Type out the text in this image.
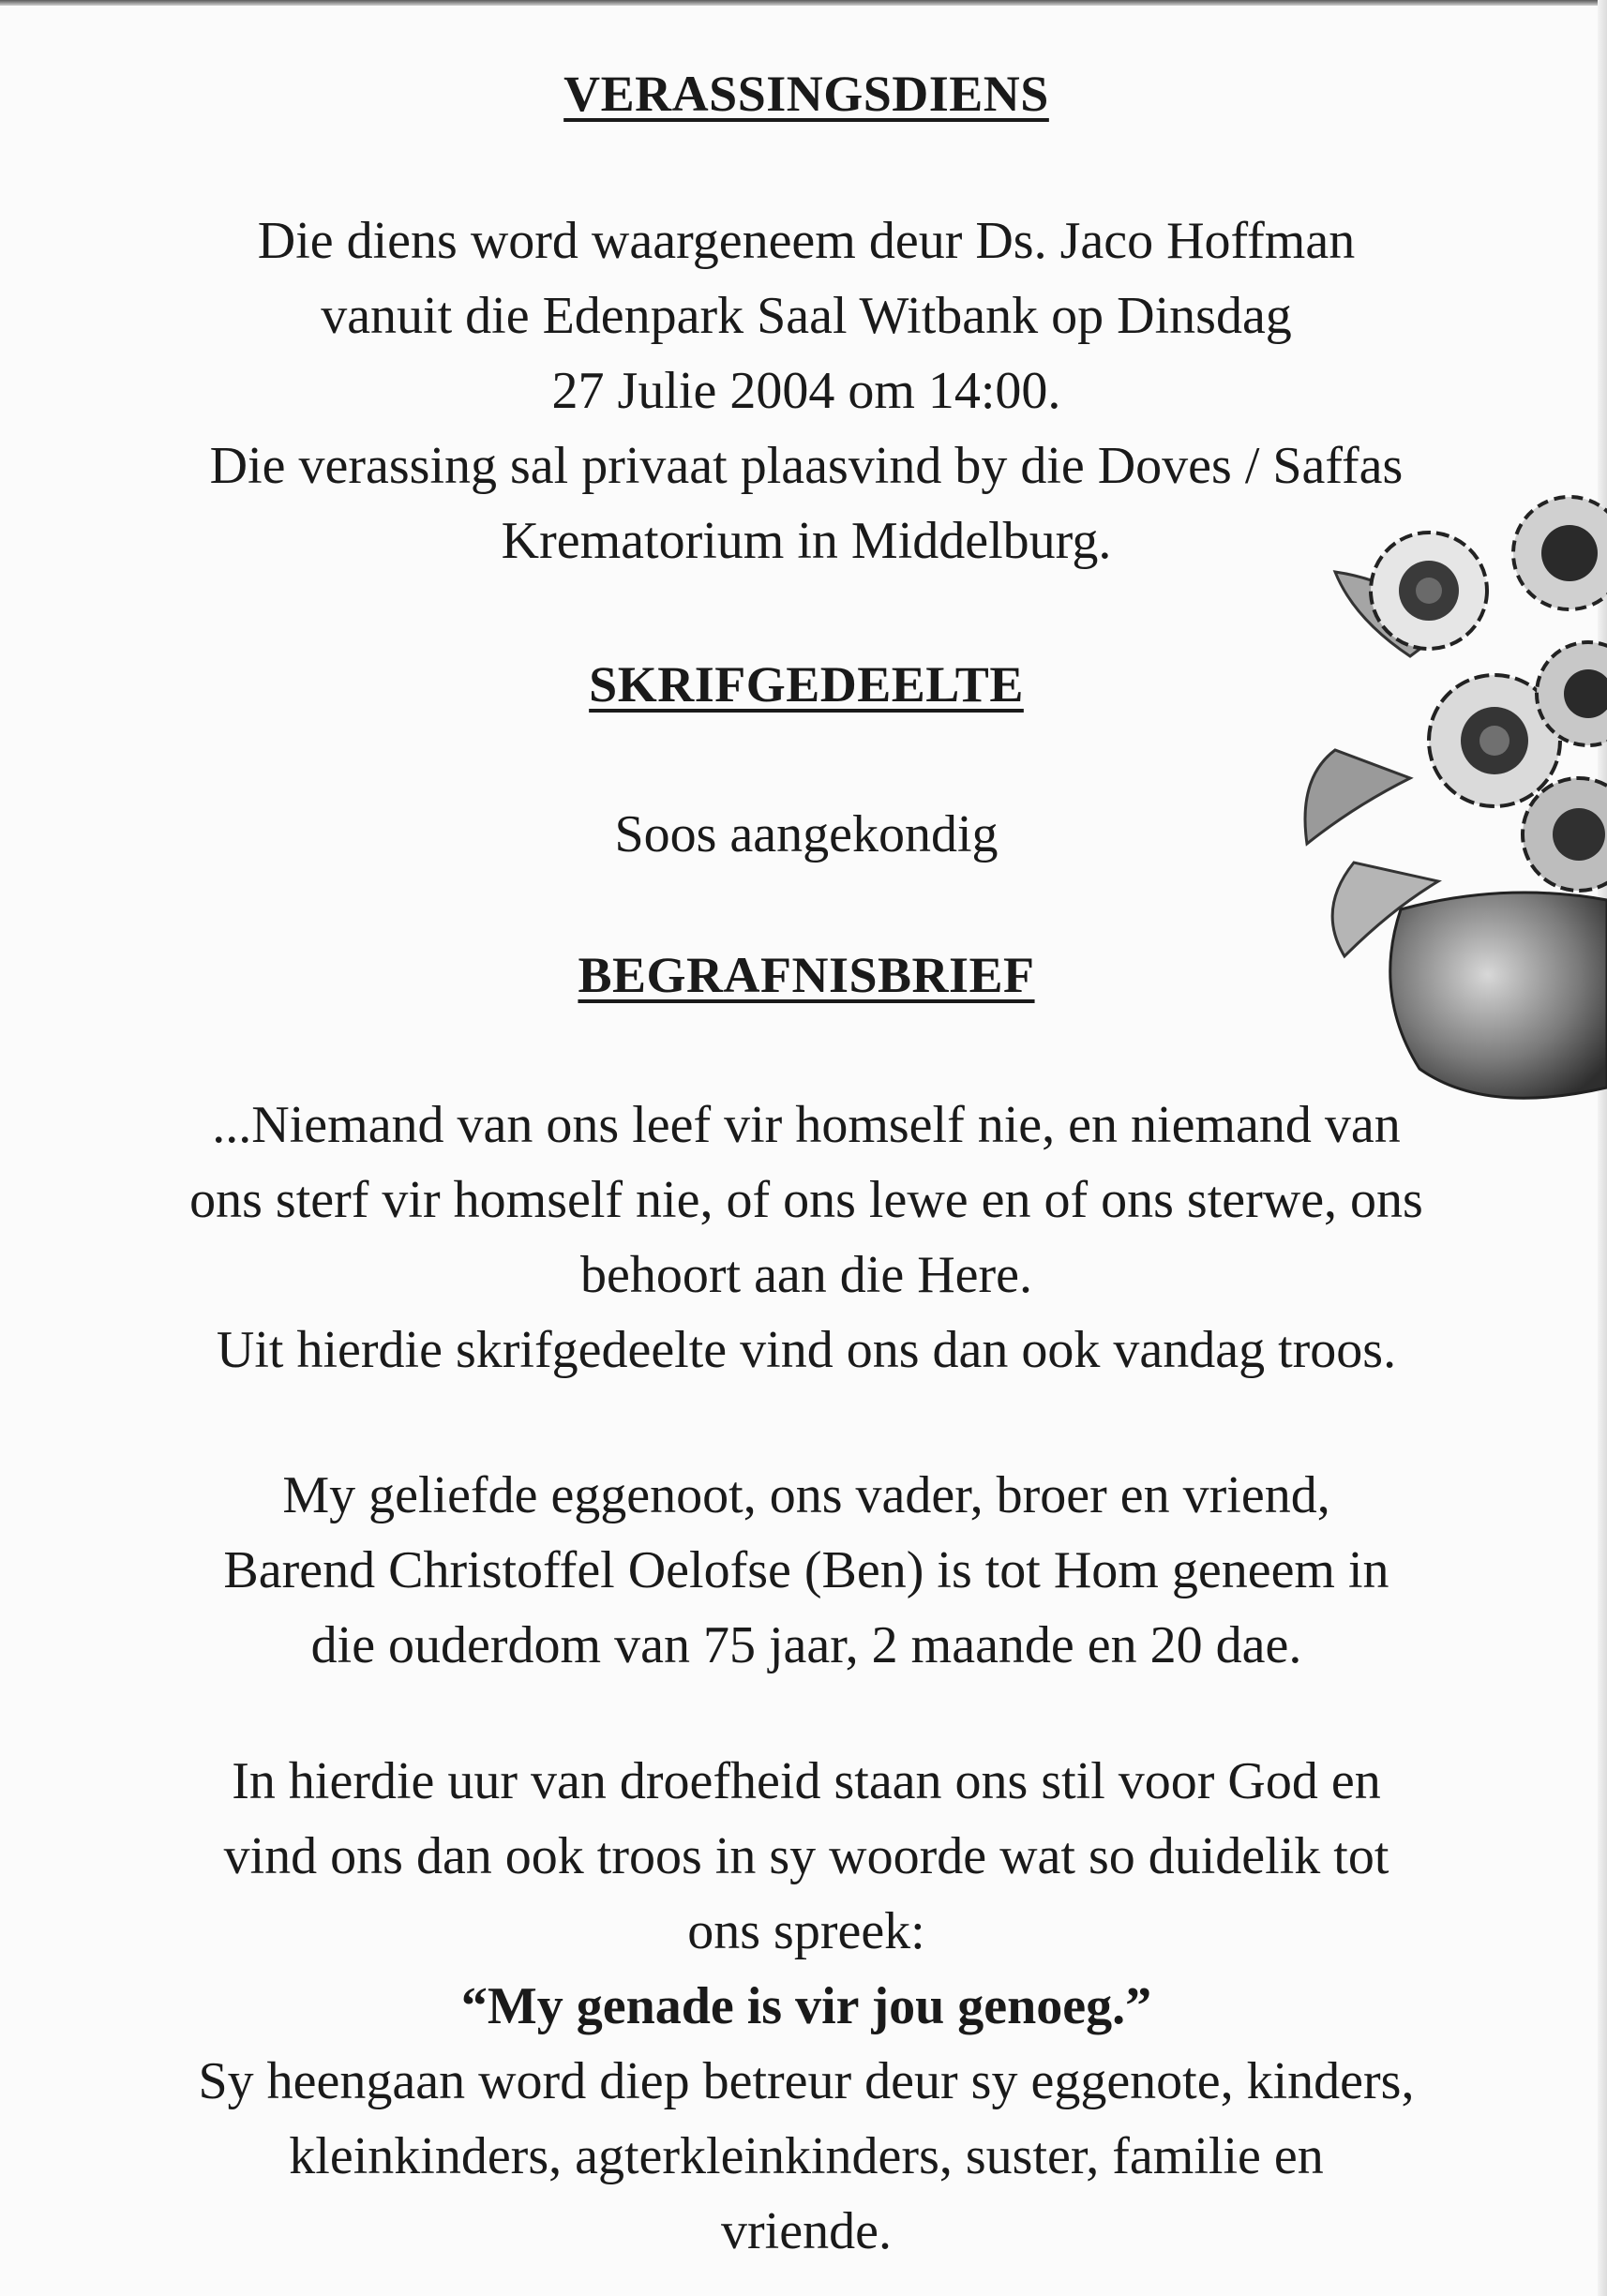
VERASSINGSDIENS
Die diens word waargeneem deur Ds. Jaco Hoffman
vanuit die Edenpark Saal Witbank op Dinsdag
27 Julie 2004 om 14:00.
Die verassing sal privaat plaasvind by die Doves / Saffas
Krematorium in Middelburg.
SKRIFGEDEELTE
Soos aangekondig
BEGRAFNISBRIEF
...Niemand van ons leef vir homself nie, en niemand van
ons sterf vir homself nie, of ons lewe en of ons sterwe, ons
behoort aan die Here.
Uit hierdie skrifgedeelte vind ons dan ook vandag troos.
My geliefde eggenoot, ons vader, broer en vriend,
Barend Christoffel Oelofse (Ben) is tot Hom geneem in
die ouderdom van 75 jaar, 2 maande en 20 dae.
In hierdie uur van droefheid staan ons stil voor God en
vind ons dan ook troos in sy woorde wat so duidelik tot
ons spreek:
“My genade is vir jou genoeg.”
Sy heengaan word diep betreur deur sy eggenote, kinders,
kleinkinders, agterkleinkinders, suster, familie en
vriende.
